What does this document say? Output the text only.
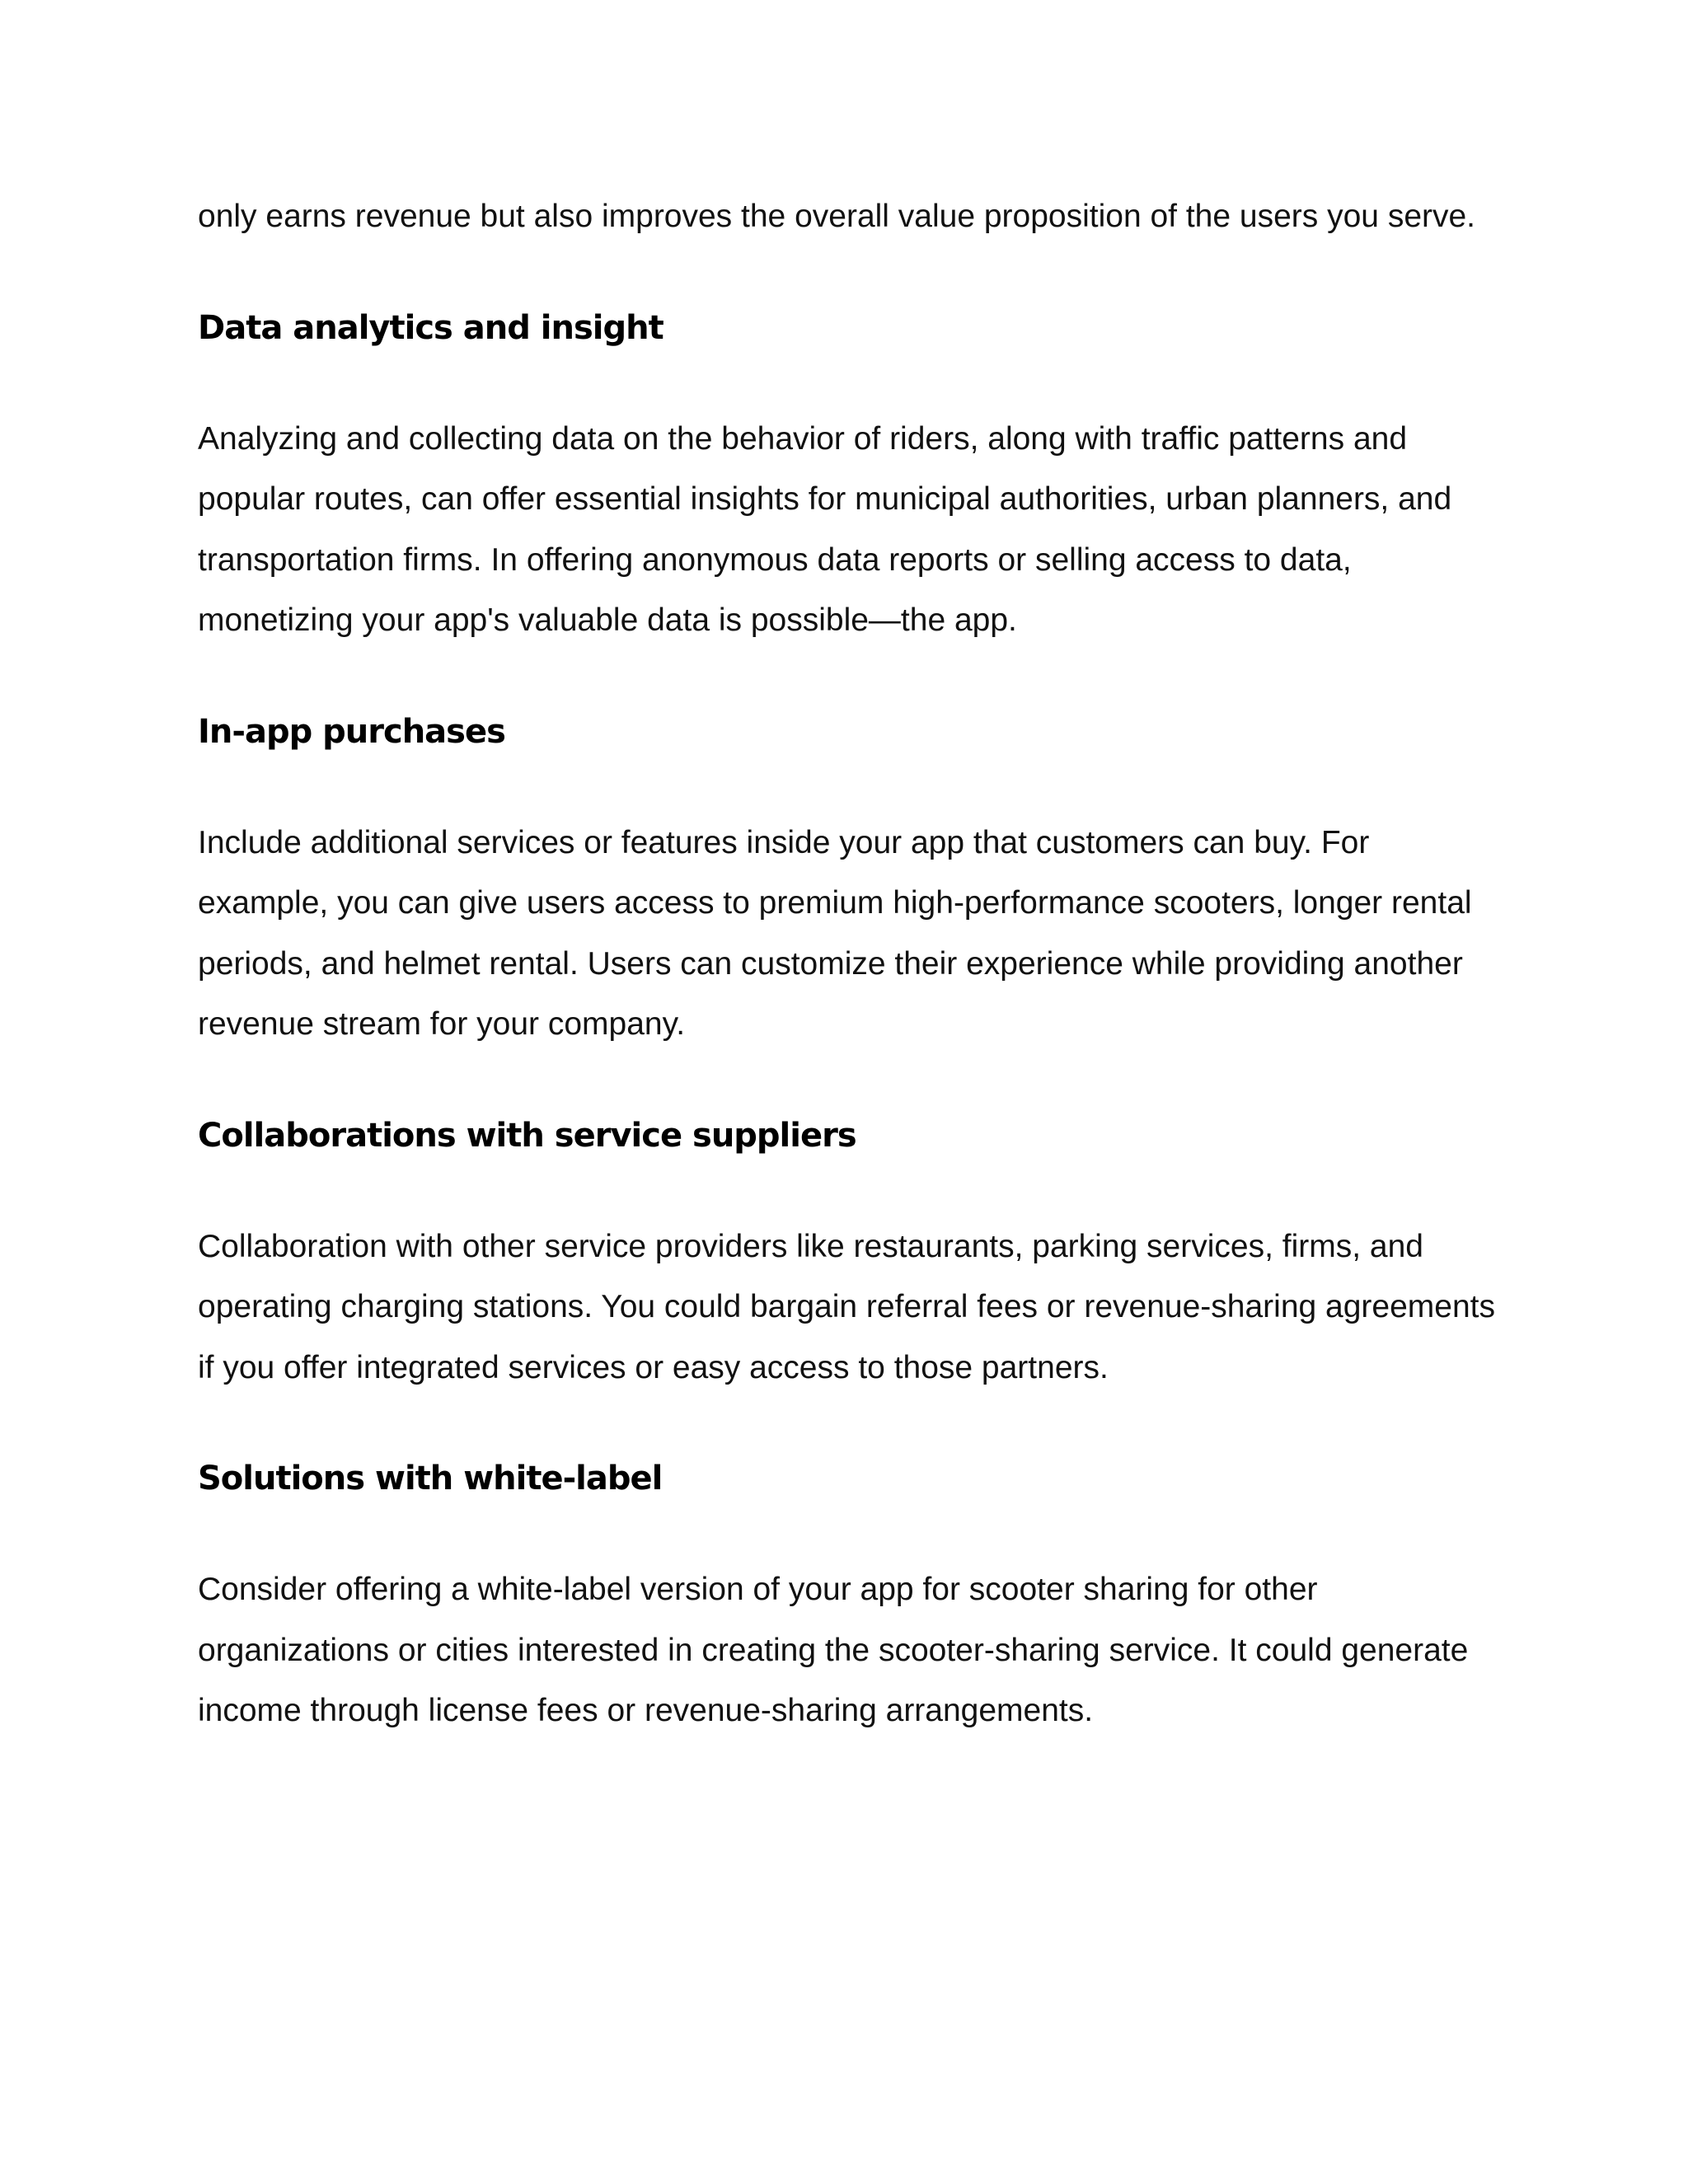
only earns revenue but also improves the overall value proposition of the users you serve.

Data analytics and insight

Analyzing and collecting data on the behavior of riders, along with traffic patterns and popular routes, can offer essential insights for municipal authorities, urban planners, and transportation firms. In offering anonymous data reports or selling access to data, monetizing your app's valuable data is possible—the app.

In-app purchases

Include additional services or features inside your app that customers can buy. For example, you can give users access to premium high-performance scooters, longer rental periods, and helmet rental. Users can customize their experience while providing another revenue stream for your company.

Collaborations with service suppliers

Collaboration with other service providers like restaurants, parking services, firms, and operating charging stations. You could bargain referral fees or revenue-sharing agreements if you offer integrated services or easy access to those partners.

Solutions with white-label

Consider offering a white-label version of your app for scooter sharing for other organizations or cities interested in creating the scooter-sharing service. It could generate income through license fees or revenue-sharing arrangements.
